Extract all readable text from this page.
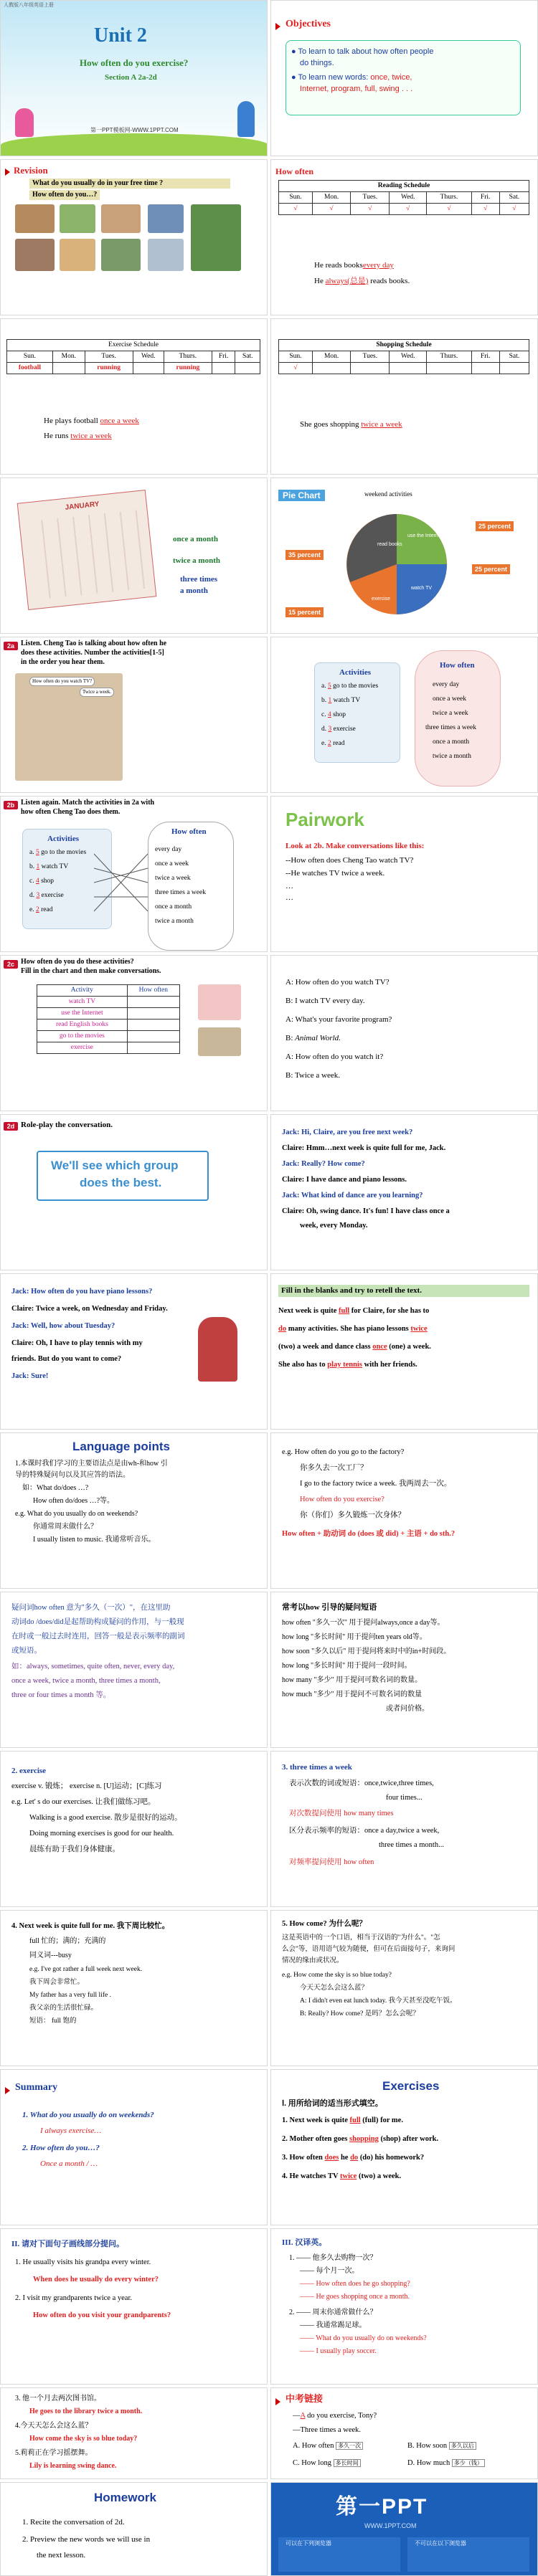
人教版八年级英语上册
Unit 2
How often do you exercise?
Section A 2a-2d
第一PPT模板网-WWW.1PPT.COM
Objectives
● To learn to talk about how often people
do things.
● To learn new words: once, twice,
Internet, program, full, swing . . .
Revision
What do you usually do in your free time ?
How often do you…?
How often
Reading Schedule						
Sun.	Mon.	Tues.	Wed.	Thurs.	Fri.	Sat.
√	√	√	√	√	√	√
He reads booksevery day
He always(总是) reads books.
Exercise Schedule						
Sun.	Mon.	Tues.	Wed.	Thurs.	Fri.	Sat.
football		running		running		
He plays football once a week
He runs twice a week
Shopping Schedule						
Sun.	Mon.	Tues.	Wed.	Thurs.	Fri.	Sat.
√						
She goes shopping twice a week
JANUARY
once a month
twice a month
three times
a month
Pie Chart	weekend activities
read books
use the Internet
watch TV
exercise
25 percent
25 percent
35 percent
15 percent
2a Listen. Cheng Tao is talking about how often he
does these activities. Number the activities[1-5]
in the order you hear them.
How often do you watch TV?
Twice a week.
Activities
a. 5 go to the movies
b. 1 watch TV
c. 4 shop
d. 3 exercise
e. 2 read
How often
every day
once a week
twice a week
three times a week
once a month
twice a month
2b Listen again. Match the activities in 2a with
how often Cheng Tao does them.
Activities
a. 5 go to the movies
b. 1 watch TV
c. 4 shop
d. 3 exercise
e. 2 read
How often
every day
once a week
twice a week
three times a week
once a month
twice a month
Pairwork
Look at 2b. Make conversations like this:
--How often does Cheng Tao watch TV?
--He watches TV twice a week.
…
…
2c How often do you do these activities?
Fill in the chart and then make conversations.
Activity	How often
watch TV	
use the Internet	
read English books	
go to the movies	
exercise	
A: How often do you watch TV?
B: I watch TV every day.
A: What's your favorite program?
B: Animal World.
A: How often do you watch it?
B: Twice a week.
2d Role-play the conversation.
We'll see which group
does the best.
Jack: Hi, Claire, are you free next week?
Claire: Hmm…next week is quite full for me, Jack.
Jack: Really? How come?
Claire: I have dance and piano lessons.
Jack: What kind of dance are you learning?
Claire: Oh, swing dance. It's fun! I have class once a
week, every Monday.
Jack: How often do you have piano lessons?
Claire: Twice a week, on Wednesday and Friday.
Jack: Well, how about Tuesday?
Claire: Oh, I have to play tennis with my
friends. But do you want to come?
Jack: Sure!
Fill in the blanks and try to retell the text.
Next week is quite full for Claire, for she has to
do many activities. She has piano lessons twice
(two) a week and dance class once (one) a week.
She also has to play tennis with her friends.
Language points
1.本课时我们学习的主要语法点是由wh-和how 引
导的特殊疑问句以及其应答的语法。
如：What do/does …?
How often do/does …?等。
e.g. What do you usually do on weekends?
你通常周末做什么？
I usually listen to music. 我通常听音乐。
e.g. How often do you go to the factory?
你多久去一次工厂？
I go to the factory twice a week. 我两周去一次。
How often do you exercise?
你（你们）多久锻炼一次身体？
How often + 助动词 do (does 或 did) + 主语 + do sth.?
疑问词how often 意为"多久（一次）"，在这里助
动词do /does/did是起帮助构成疑问的作用，与一般现
在时或一般过去时连用，回答一般是表示频率的副词
或短语。
如：always, sometimes, quite often, never, every day,
once a week, twice a month, three times a month,
three or four times a month 等。
常考以how 引导的疑问短语
how often "多久一次" 用于提问always,once a day等。
how long "多长时间" 用于提问ten years old等。
how soon "多久以后" 用于提问将来时中的in+时间段。
how long "多长时间" 用于提问一段时间。
how many "多少" 用于提问可数名词的数量。
how much "多少" 用于提问不可数名词的数量
或者问价格。
2. exercise
exercise v. 锻炼； exercise n. [U]运动；[C]练习
e.g. Let' s do our exercises. 让我们做练习吧。
Walking is a good exercise. 散步是很好的运动。
Doing morning exercises is good for our health.
晨练有助于我们身体健康。
3. three times a week
表示次数的词或短语：once,twice,three times,
four times...
对次数提问使用 how many times
区分表示频率的短语：once a day,twice a week,
three times a month...
对频率提问使用 how often
4. Next week is quite full for me. 我下周比较忙。
full 忙的；满的；充满的
同义词---busy
e.g. I've got rather a full week next week.
我下周会非常忙。
My father has a very full life .
我父亲的生活很忙碌。
短语： full 饱的
5. How come? 为什么呢？
这是英语中的一个口语，相当于汉语的"为什么"。"怎
么会"等，语用语气较为随便，但可在后面接句子，来询问
情况的缘由或状况。
e.g. How come the sky is so blue today?
今天天怎么会这么蓝？
A: I didn't even eat lunch today. 我今天甚至没吃午饭。
B: Really? How come? 是吗？怎么会呢？
Summary
1. What do you usually do on weekends?
I always exercise…
2. How often do you…?
Once a month / …
Exercises
Ⅰ. 用所给词的适当形式填空。
1. Next week is quite full (full) for me.
2. Mother often goes shopping (shop) after work.
3. How often does he do (do) his homework?
4. He watches TV twice (two) a week.
II. 请对下面句子画线部分提问。
1. He usually visits his grandpa every winter.
When does he usually do every winter?
2. I visit my grandparents twice a year.
How often do you visit your grandparents?
III. 汉译英。
1. —— 他多久去购物一次？
—— 每个月一次。
—— How often does he go shopping?
—— He goes shopping once a month.
2. —— 周末你通常做什么？
—— 我通常踢足球。
—— What do you usually do on weekends?
—— I usually play soccer.
3. 他一个月去两次图书馆。
He goes to the library twice a month.
4.今天天怎么会这么蓝？
How come the sky is so blue today?
5.莉莉正在学习摇摆舞。
Lily is learning swing dance.
中考链接
—A do you exercise, Tony?
—Three times a week.
A. How often 多久一次	B. How soon 多久以后
C. How long 多长时间	D. How much 多少（钱）
Homework
1. Recite the conversation of 2d.
2. Preview the new words we will use in
the next lesson.
第一PPT
WWW.1PPT.COM
可以在下列浏览器	不可以在以下浏览器
